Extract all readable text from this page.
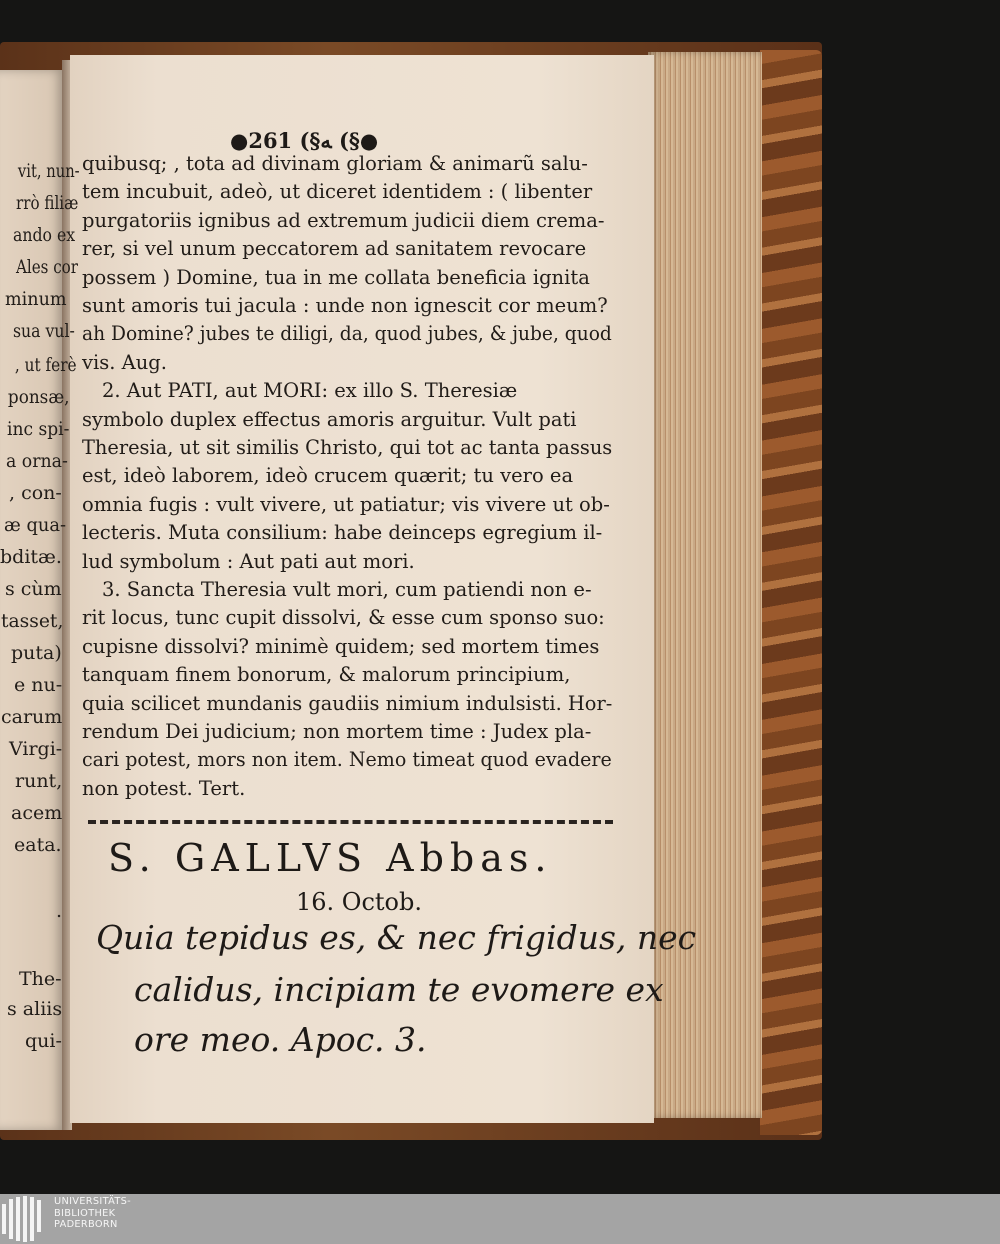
●ﻪ§) 261 (§●
quibusq; , tota ad divinam gloriam & animarũ salu-
tem incubuit, adeò, ut diceret identidem : ( libenter
purgatoriis ignibus ad extremum judicii diem crema-
rer, si vel unum peccatorem ad sanitatem revocare
possem ) Domine, tua in me collata beneficia ignita
sunt amoris tui jacula : unde non ignescit cor meum?
ah Domine? jubes te diligi, da, quod jubes, & jube, quod
vis. Aug.
2. Aut PATI, aut MORI: ex illo S. Theresiæ
symbolo duplex effectus amoris arguitur. Vult pati
Theresia, ut sit similis Christo, qui tot ac tanta passus
est, ideò laborem, ideò crucem quærit; tu vero ea
omnia fugis : vult vivere, ut patiatur; vis vivere ut ob-
lecteris. Muta consilium: habe deinceps egregium il-
lud symbolum : Aut pati aut mori.
3. Sancta Theresia vult mori, cum patiendi non e-
rit locus, tunc cupit dissolvi, & esse cum sponso suo:
cupisne dissolvi? minimè quidem; sed mortem times
tanquam finem bonorum, & malorum principium,
quia scilicet mundanis gaudiis nimium indulsisti. Hor-
rendum Dei judicium; non mortem time : Judex pla-
cari potest, mors non item. Nemo timeat quod evadere
non potest. Tert.
S. GALLVS Abbas.
16. Octob.
Quia tepidus es, & nec frigidus, nec
calidus, incipiam te evomere ex
ore meo. Apoc. 3.
vit, nun-
rrò filiæ
ando ex
Ales cor
minum
sua vul-
, ut ferè
ponsæ,
inc spi-
a orna-
, con-
æ qua-
bditæ.
s cùm
tasset,
puta)
e nu-
carum
Virgi-
runt,
acem
eata.
.
The-
s aliis
qui-
UNIVERSITÄTS-
BIBLIOTHEK
PADERBORN
